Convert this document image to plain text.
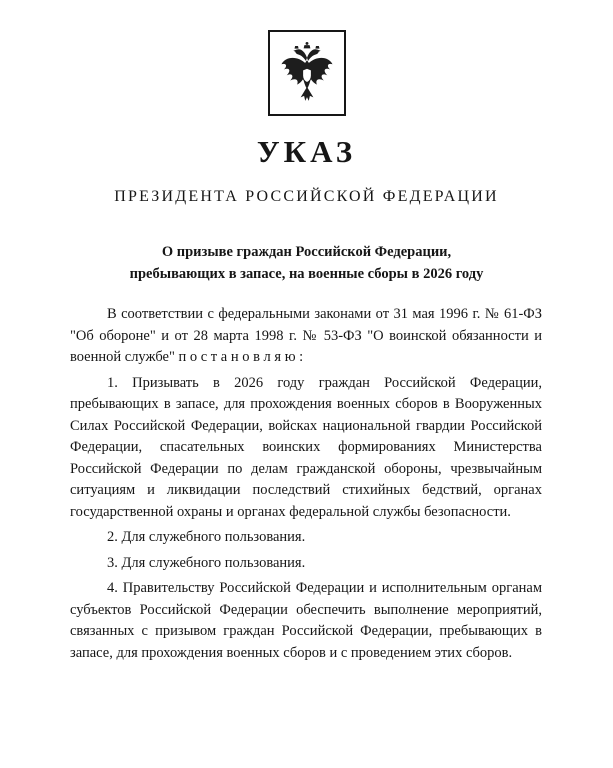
УКАЗ
ПРЕЗИДЕНТА РОССИЙСКОЙ ФЕДЕРАЦИИ
О призыве граждан Российской Федерации,
пребывающих в запасе, на военные сборы в 2026 году

В соответствии с федеральными законами от 31 мая 1996 г. № 61-ФЗ "Об обороне" и от 28 марта 1998 г. № 53-ФЗ "О воинской обязанности и военной службе" п о с т а н о в л я ю :

1. Призывать в 2026 году граждан Российской Федерации, пребывающих в запасе, для прохождения военных сборов в Вооруженных Силах Российской Федерации, войсках национальной гвардии Российской Федерации, спасательных воинских формированиях Министерства Российской Федерации по делам гражданской обороны, чрезвычайным ситуациям и ликвидации последствий стихийных бедствий, органах государственной охраны и органах федеральной службы безопасности.

2. Для служебного пользования.

3. Для служебного пользования.

4. Правительству Российской Федерации и исполнительным органам субъектов Российской Федерации обеспечить выполнение мероприятий, связанных с призывом граждан Российской Федерации, пребывающих в запасе, для прохождения военных сборов и с проведением этих сборов.
